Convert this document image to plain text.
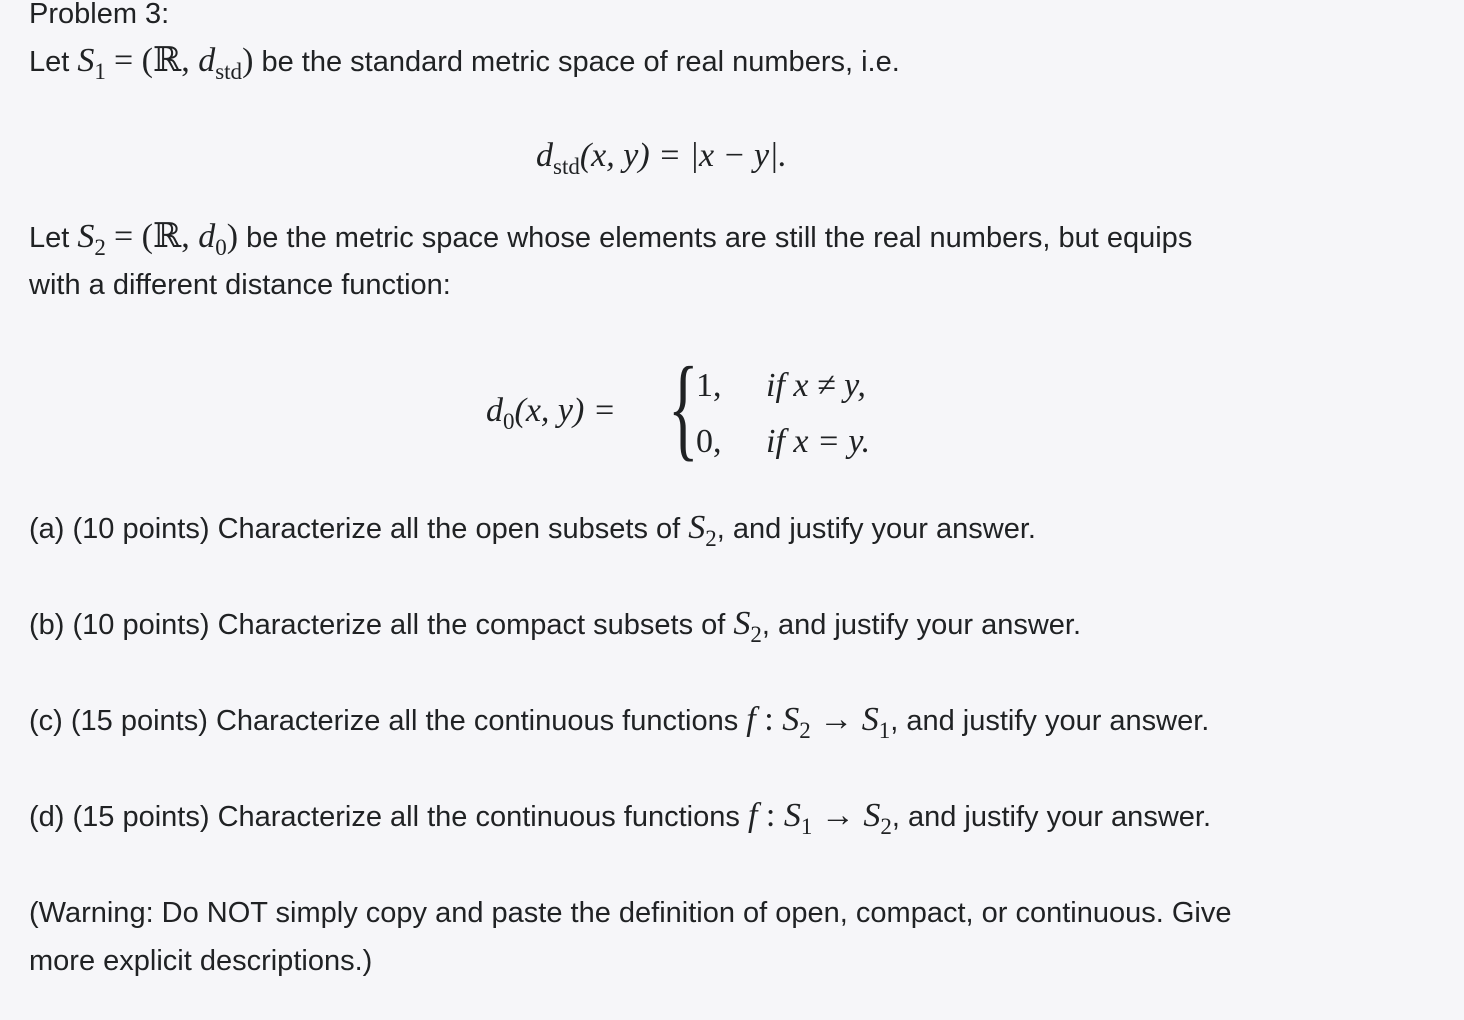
Problem 3:
Let $S_1$ = (ℝ, $d_{std}$) be the standard metric space of real numbers, i.e.
$d_{std}(x$, y) = |x − y|.
Let $S_2$ = (ℝ, $d_0$) be the metric space whose elements are still the real numbers, but equips
with a different distance function:
$d_0(x$, y) = {
1, if x ≠ y,
0, if x = y.
(a) (10 points) Characterize all the open subsets of $S_2$, and justify your answer.
(b) (10 points) Characterize all the compact subsets of $S_2$, and justify your answer.
(c) (15 points) Characterize all the continuous functions f : $S_2 \to S_1$, and justify your answer.
(d) (15 points) Characterize all the continuous functions f : $S_1 \to S_2$, and justify your answer.
(Warning: Do NOT simply copy and paste the definition of open, compact, or continuous. Give
more explicit descriptions.)
